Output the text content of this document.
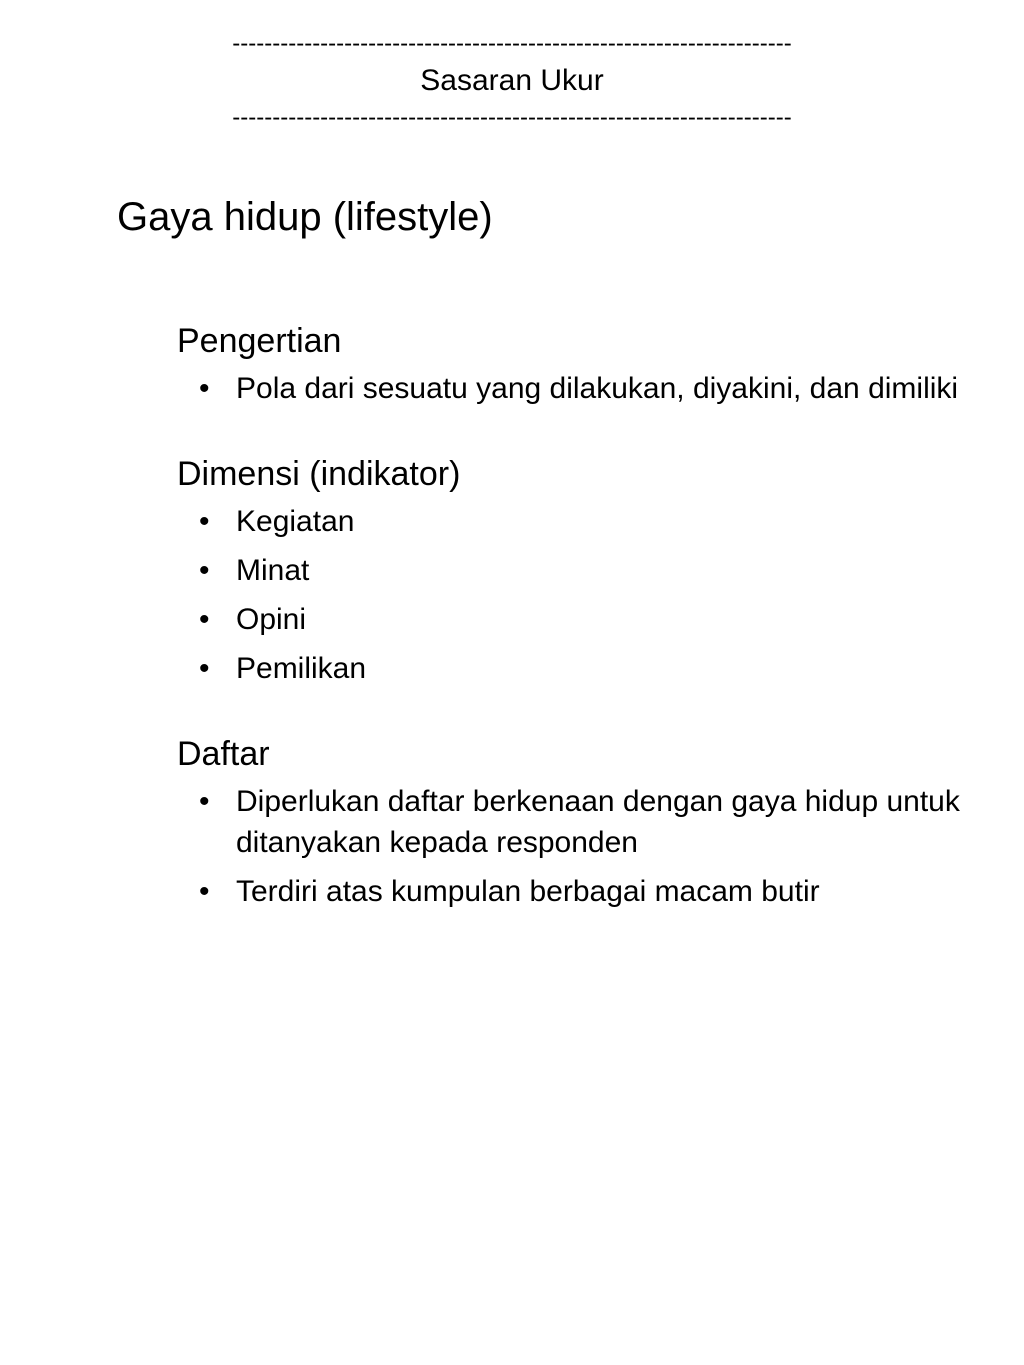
----------------------------------------------------------------------

Sasaran Ukur

----------------------------------------------------------------------
Gaya hidup (lifestyle)
Pengertian
• Pola dari sesuatu yang dilakukan, diyakini, dan dimiliki
Dimensi (indikator)
• Kegiatan
• Minat
• Opini
• Pemilikan
Daftar
• Diperlukan daftar berkenaan dengan gaya hidup untuk ditanyakan kepada responden
• Terdiri atas kumpulan berbagai macam butir
